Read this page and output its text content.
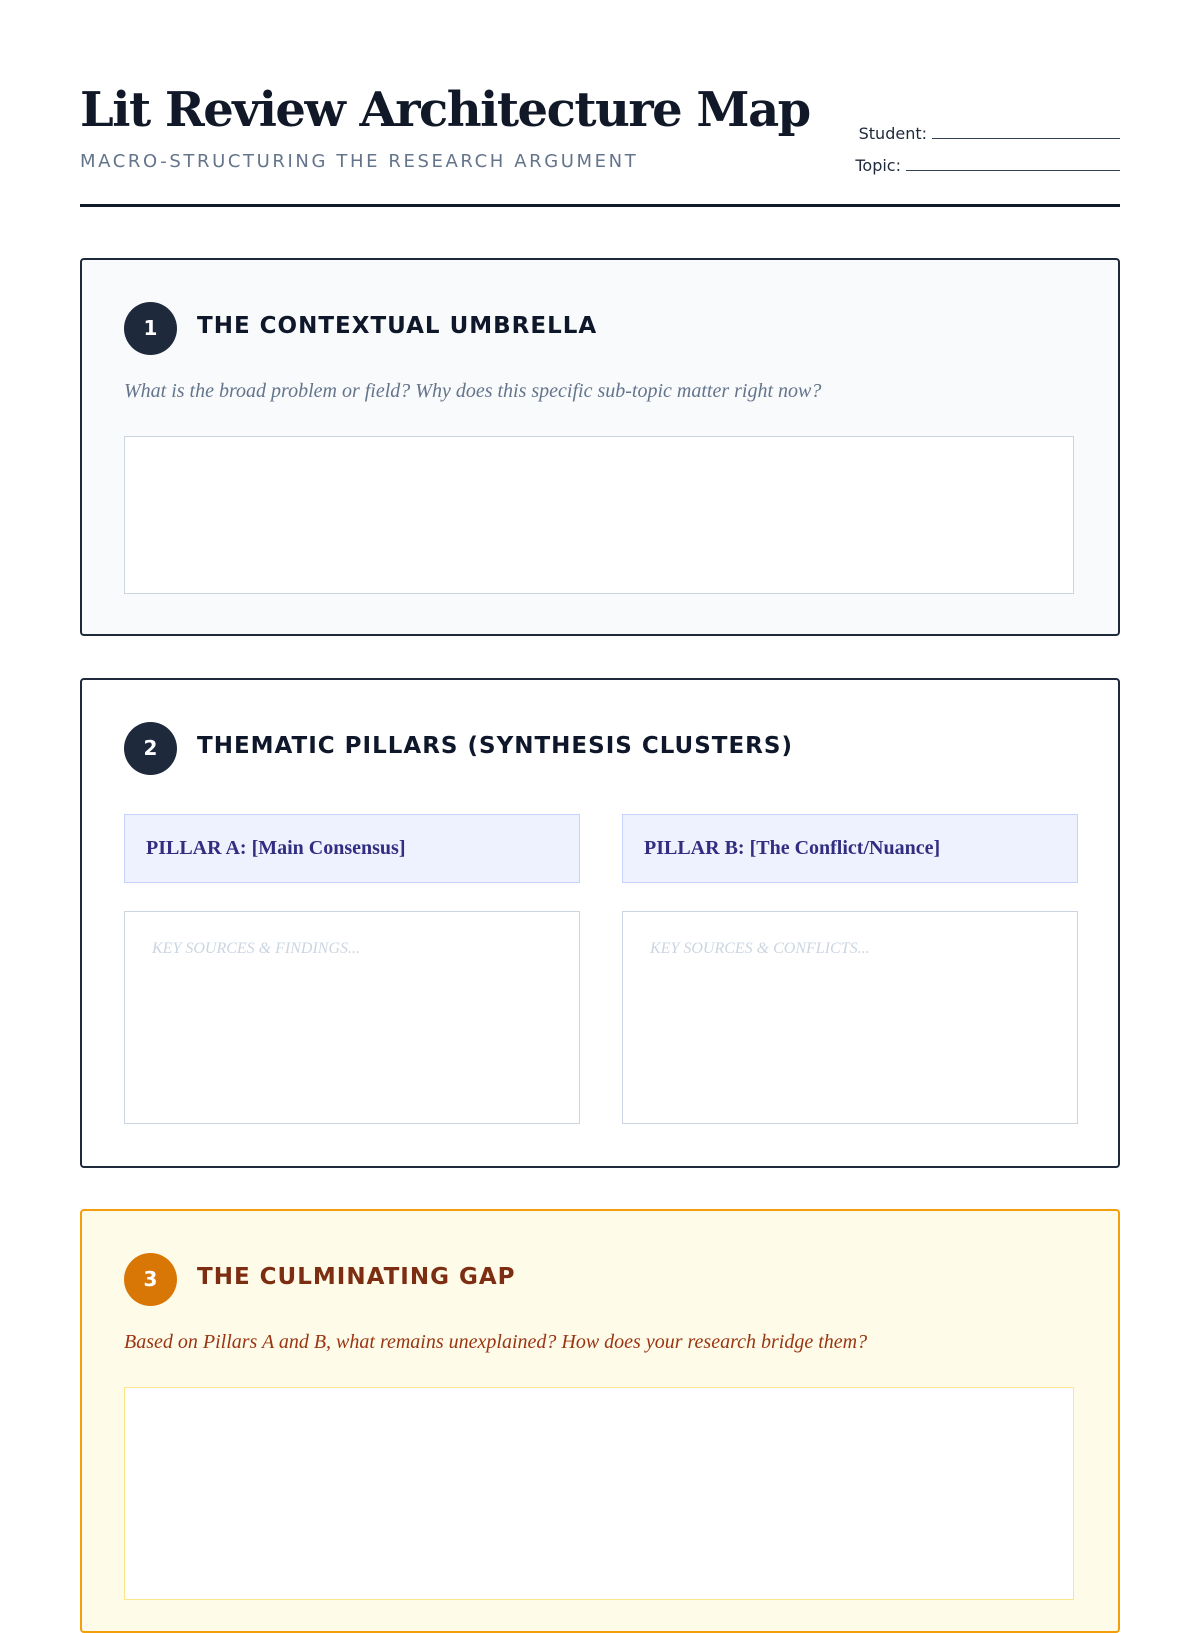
Lit Review Architecture Map
MACRO-STRUCTURING THE RESEARCH ARGUMENT
Student:
Topic:
1	THE CONTEXTUAL UMBRELLA

What is the broad problem or field? Why does this specific sub-topic matter right now?

2	THEMATIC PILLARS (SYNTHESIS CLUSTERS)
PILLAR A: [Main Consensus]	PILLAR B: [The Conflict/Nuance]
KEY SOURCES & FINDINGS...
KEY SOURCES & CONFLICTS...
3	THE CULMINATING GAP

Based on Pillars A and B, what remains unexplained? How does your research bridge them?
